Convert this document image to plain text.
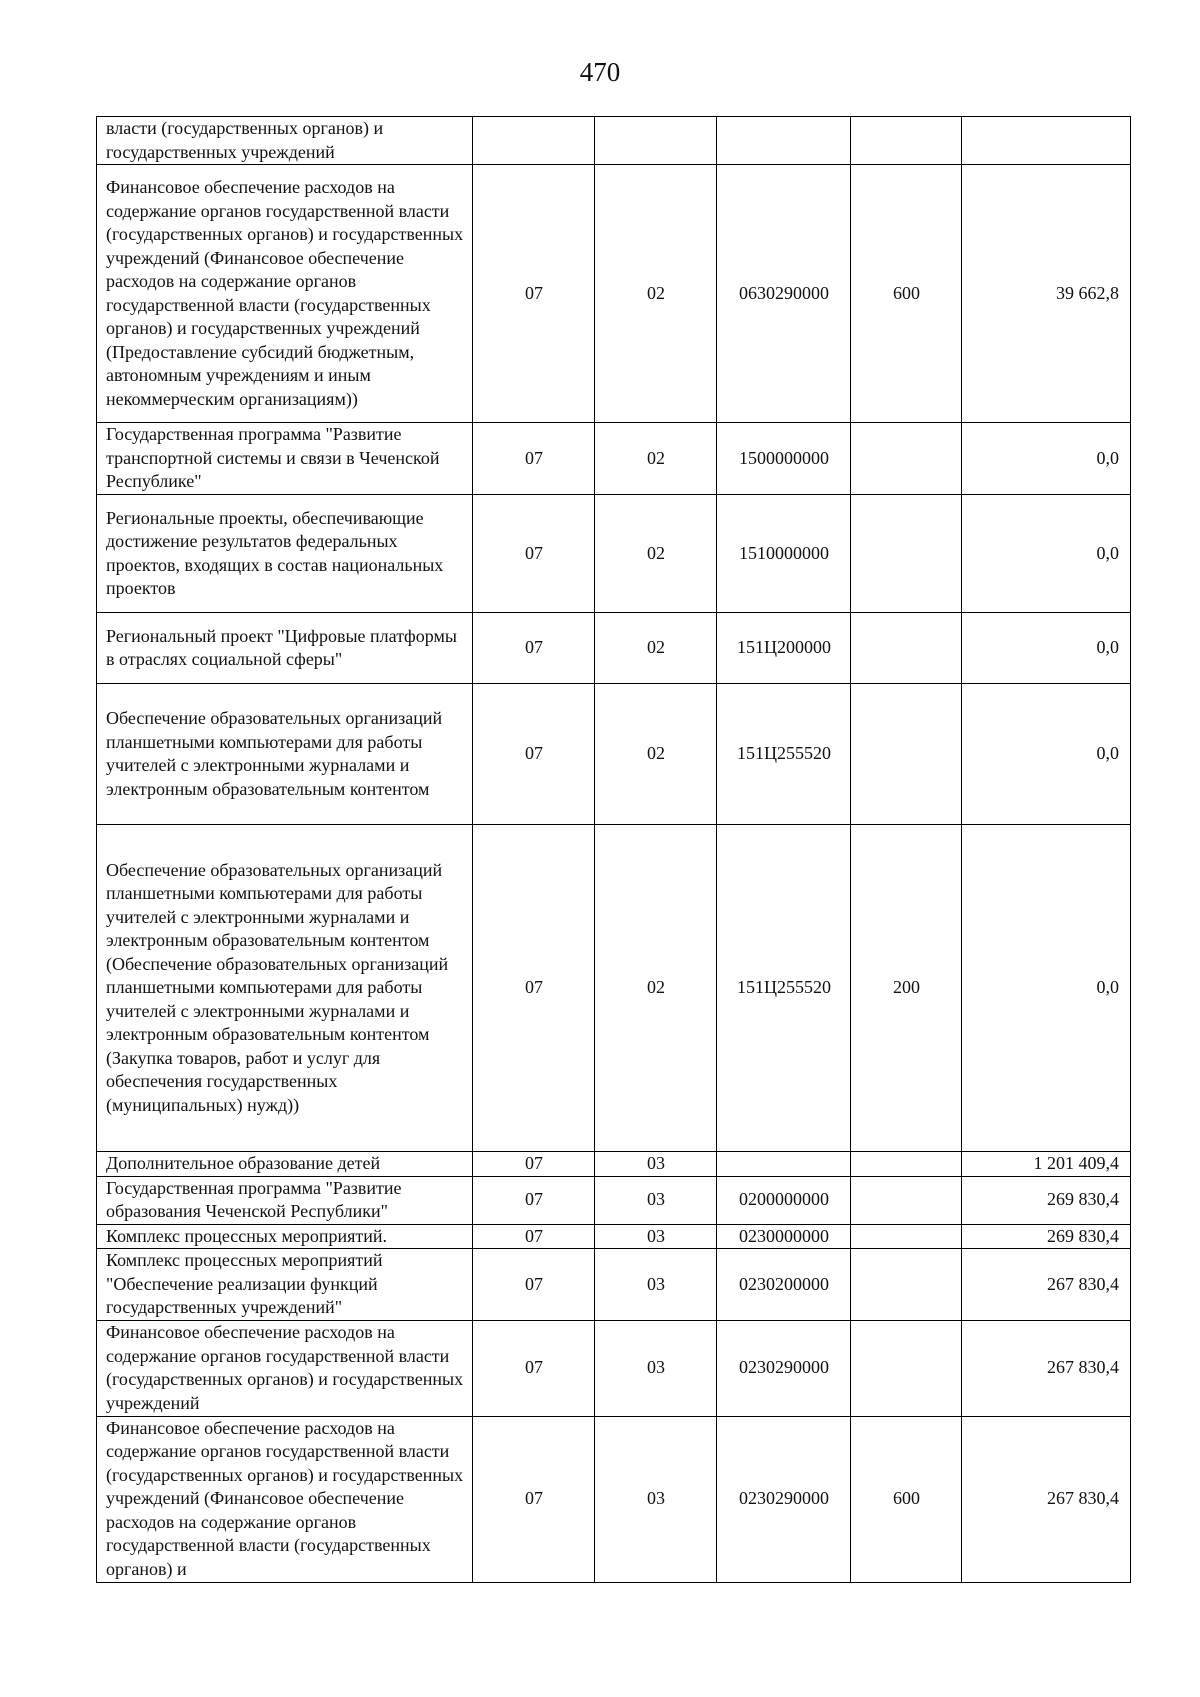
470
власти (государственных органов) и государственных учреждений					
Финансовое обеспечение расходов на содержание органов государственной власти (государственных органов) и государственных учреждений (Финансовое обеспечение расходов на содержание органов государственной власти (государственных органов) и государственных учреждений (Предоставление субсидий бюджетным, автономным учреждениям и иным некоммерческим организациям))	07	02	0630290000	600	39 662,8
Государственная программа "Развитие транспортной системы и связи в Чеченской Республике"	07	02	1500000000		0,0
Региональные проекты, обеспечивающие достижение результатов федеральных проектов, входящих в состав национальных проектов	07	02	1510000000		0,0
Региональный проект "Цифровые платформы в отраслях социальной сферы"	07	02	151Ц200000		0,0
Обеспечение образовательных организаций планшетными компьютерами для работы учителей с электронными журналами и электронным образовательным контентом	07	02	151Ц255520		0,0
Обеспечение образовательных организаций планшетными компьютерами для работы учителей с электронными журналами и электронным образовательным контентом (Обеспечение образовательных организаций планшетными компьютерами для работы учителей с электронными журналами и электронным образовательным контентом (Закупка товаров, работ и услуг для обеспечения государственных (муниципальных) нужд))	07	02	151Ц255520	200	0,0
Дополнительное образование детей	07	03			1 201 409,4
Государственная программа "Развитие образования Чеченской Республики"	07	03	0200000000		269 830,4
Комплекс процессных мероприятий.	07	03	0230000000		269 830,4
Комплекс процессных мероприятий "Обеспечение реализации функций государственных учреждений"	07	03	0230200000		267 830,4
Финансовое обеспечение расходов на содержание органов государственной власти (государственных органов) и государственных учреждений	07	03	0230290000		267 830,4
Финансовое обеспечение расходов на содержание органов государственной власти (государственных органов) и государственных учреждений (Финансовое обеспечение расходов на содержание органов государственной власти (государственных органов) и	07	03	0230290000	600	267 830,4
